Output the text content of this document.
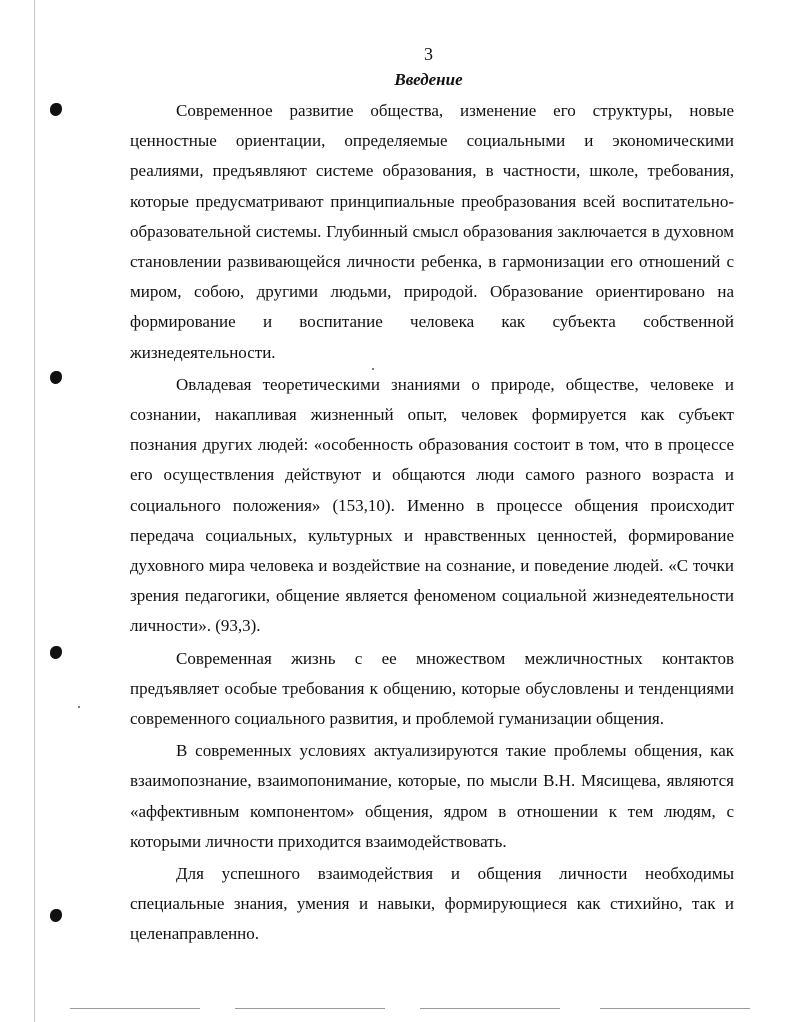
3
Введение

Современное развитие общества, изменение его структуры, новые ценностные ориентации, определяемые социальными и экономическими реалиями, предъявляют системе образования, в частности, школе, требования, которые предусматривают принципиальные преобразования всей воспитательно-образовательной системы. Глубинный смысл образования заключается в духовном становлении развивающейся личности ребенка, в гармонизации его отношений с миром, собою, другими людьми, природой. Образование ориентировано на формирование и воспитание человека как субъекта собственной жизнедеятельности.

Овладевая теоретическими знаниями о природе, обществе, человеке и сознании, накапливая жизненный опыт, человек формируется как субъект познания других людей: «особенность образования состоит в том, что в процессе его осуществления действуют и общаются люди самого разного возраста и социального положения» (153,10). Именно в процессе общения происходит передача социальных, культурных и нравственных ценностей, формирование духовного мира человека и воздействие на сознание, и поведение людей. «С точки зрения педагогики, общение является феноменом социальной жизнедеятельности личности». (93,3).

Современная жизнь с ее множеством межличностных контактов предъявляет особые требования к общению, которые обусловлены и тенденциями современного социального развития, и проблемой гуманизации общения.

В современных условиях актуализируются такие проблемы общения, как взаимопознание, взаимопонимание, которые, по мысли В.Н. Мясищева, являются «аффективным компонентом» общения, ядром в отношении к тем людям, с которыми личности приходится взаимодействовать.

Для успешного взаимодействия и общения личности необходимы специальные знания, умения и навыки, формирующиеся как стихийно, так и целенаправленно.
